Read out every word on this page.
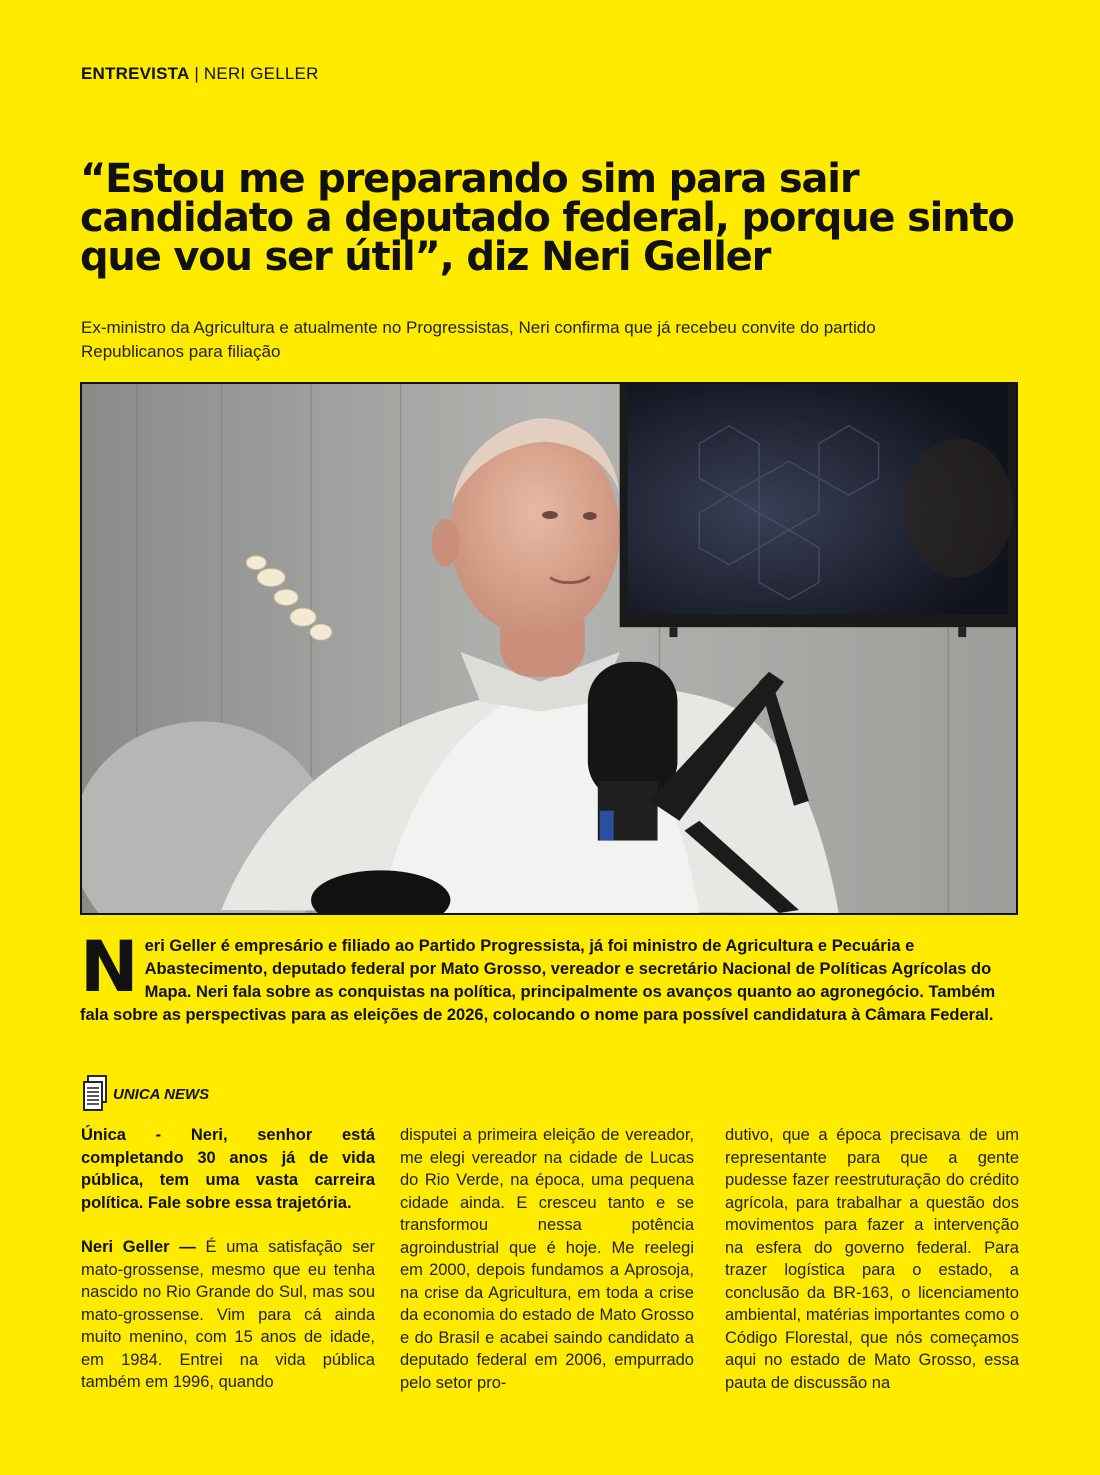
ENTREVISTA | NERI GELLER
“Estou me preparando sim para sair candidato a deputado federal, porque sinto que vou ser útil”, diz Neri Geller

Ex-ministro da Agricultura e atualmente no Progressistas, Neri confirma que já recebeu convite do partido Republicanos para filiação

Neri Geller é empresário e filiado ao Partido Progressista, já foi ministro de Agricultura e Pecuária e Abastecimento, deputado federal por Mato Grosso, vereador e secretário Nacional de Políticas Agrícolas do Mapa. Neri fala sobre as conquistas na política, principalmente os avanços quanto ao agronegócio. Também fala sobre as perspectivas para as eleições de 2026, colocando o nome para possível candidatura à Câmara Federal.

UNICA NEWS

Única - Neri, senhor está completando 30 anos já de vida pública, tem uma vasta carreira política. Fale sobre essa trajetória.

Neri Geller — É uma satisfação ser mato-grossense, mesmo que eu tenha nascido no Rio Grande do Sul, mas sou mato-grossense. Vim para cá ainda muito menino, com 15 anos de idade, em 1984. Entrei na vida pública também em 1996, quando

disputei a primeira eleição de vereador, me elegi vereador na cidade de Lucas do Rio Verde, na época, uma pequena cidade ainda. E cresceu tanto e se transformou nessa potência agroindustrial que é hoje. Me reelegi em 2000, depois fundamos a Aprosoja, na crise da Agricultura, em toda a crise da economia do estado de Mato Grosso e do Brasil e acabei saindo candidato a deputado federal em 2006, empurrado pelo setor pro-

dutivo, que a época precisava de um representante para que a gente pudesse fazer reestruturação do crédito agrícola, para trabalhar a questão dos movimentos para fazer a intervenção na esfera do governo federal. Para trazer logística para o estado, a conclusão da BR-163, o licenciamento ambiental, matérias importantes como o Código Florestal, que nós começamos aqui no estado de Mato Grosso, essa pauta de discussão na
